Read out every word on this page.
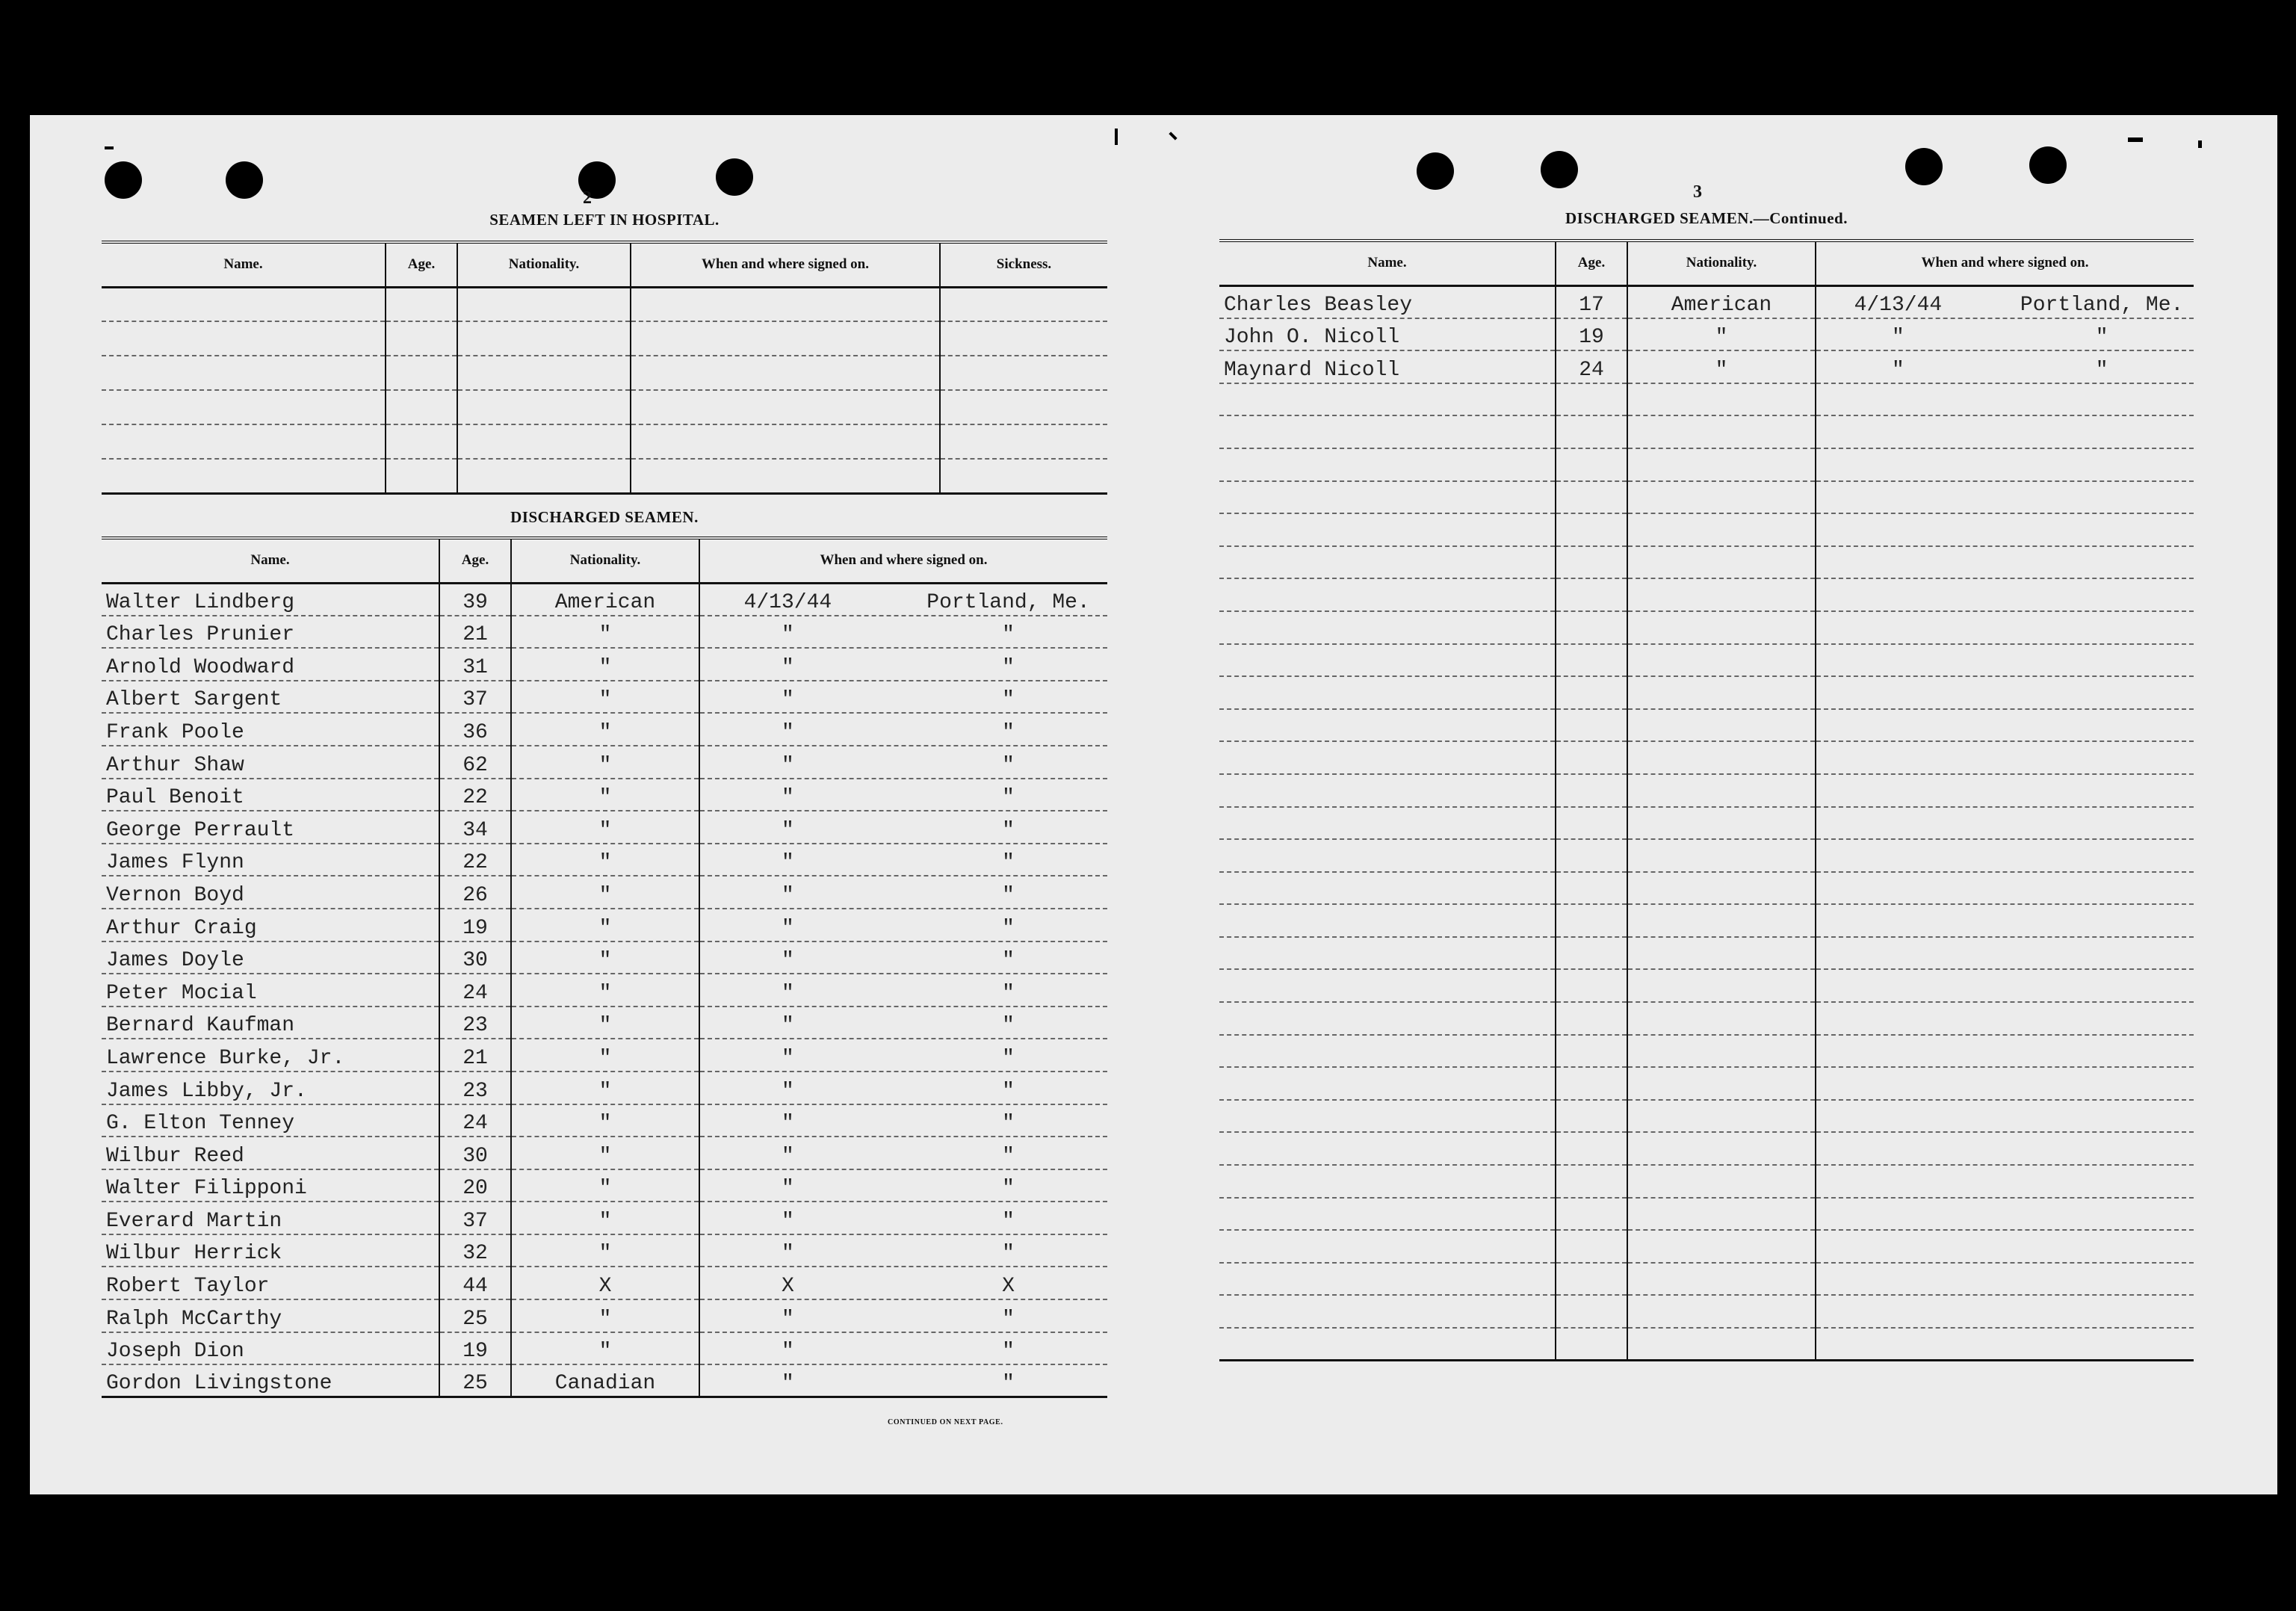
2
SEAMEN LEFT IN HOSPITAL.
Name.	Age.	Nationality.	When and where signed on.	Sickness.

DISCHARGED SEAMEN.
Name.	Age.	Nationality.	When and where signed on.

Walter Lindberg	39	American	4/13/44 Portland, Me.

Charles Prunier	21	"	" "

Arnold Woodward	31	"	" "

Albert Sargent	37	"	" "

Frank Poole	36	"	" "

Arthur Shaw	62	"	" "

Paul Benoit	22	"	" "

George Perrault	34	"	" "

James Flynn	22	"	" "

Vernon Boyd	26	"	" "

Arthur Craig	19	"	" "

James Doyle	30	"	" "

Peter Mocial	24	"	" "

Bernard Kaufman	23	"	" "

Lawrence Burke, Jr.	21	"	" "

James Libby, Jr.	23	"	" "

G. Elton Tenney	24	"	" "

Wilbur Reed	30	"	" "

Walter Filipponi	20	"	" "

Everard Martin	37	"	" "

Wilbur Herrick	32	"	" "

Robert Taylor	44	X	X X

Ralph McCarthy	25	"	" "

Joseph Dion	19	"	" "

Gordon Livingstone	25	Canadian	" "
CONTINUED ON NEXT PAGE.
3
DISCHARGED SEAMEN.—Continued.
Name.	Age.	Nationality.	When and where signed on.

Charles Beasley	17	American	4/13/44 Portland, Me.

John O. Nicoll	19	"	" "

Maynard Nicoll	24	"	" "
